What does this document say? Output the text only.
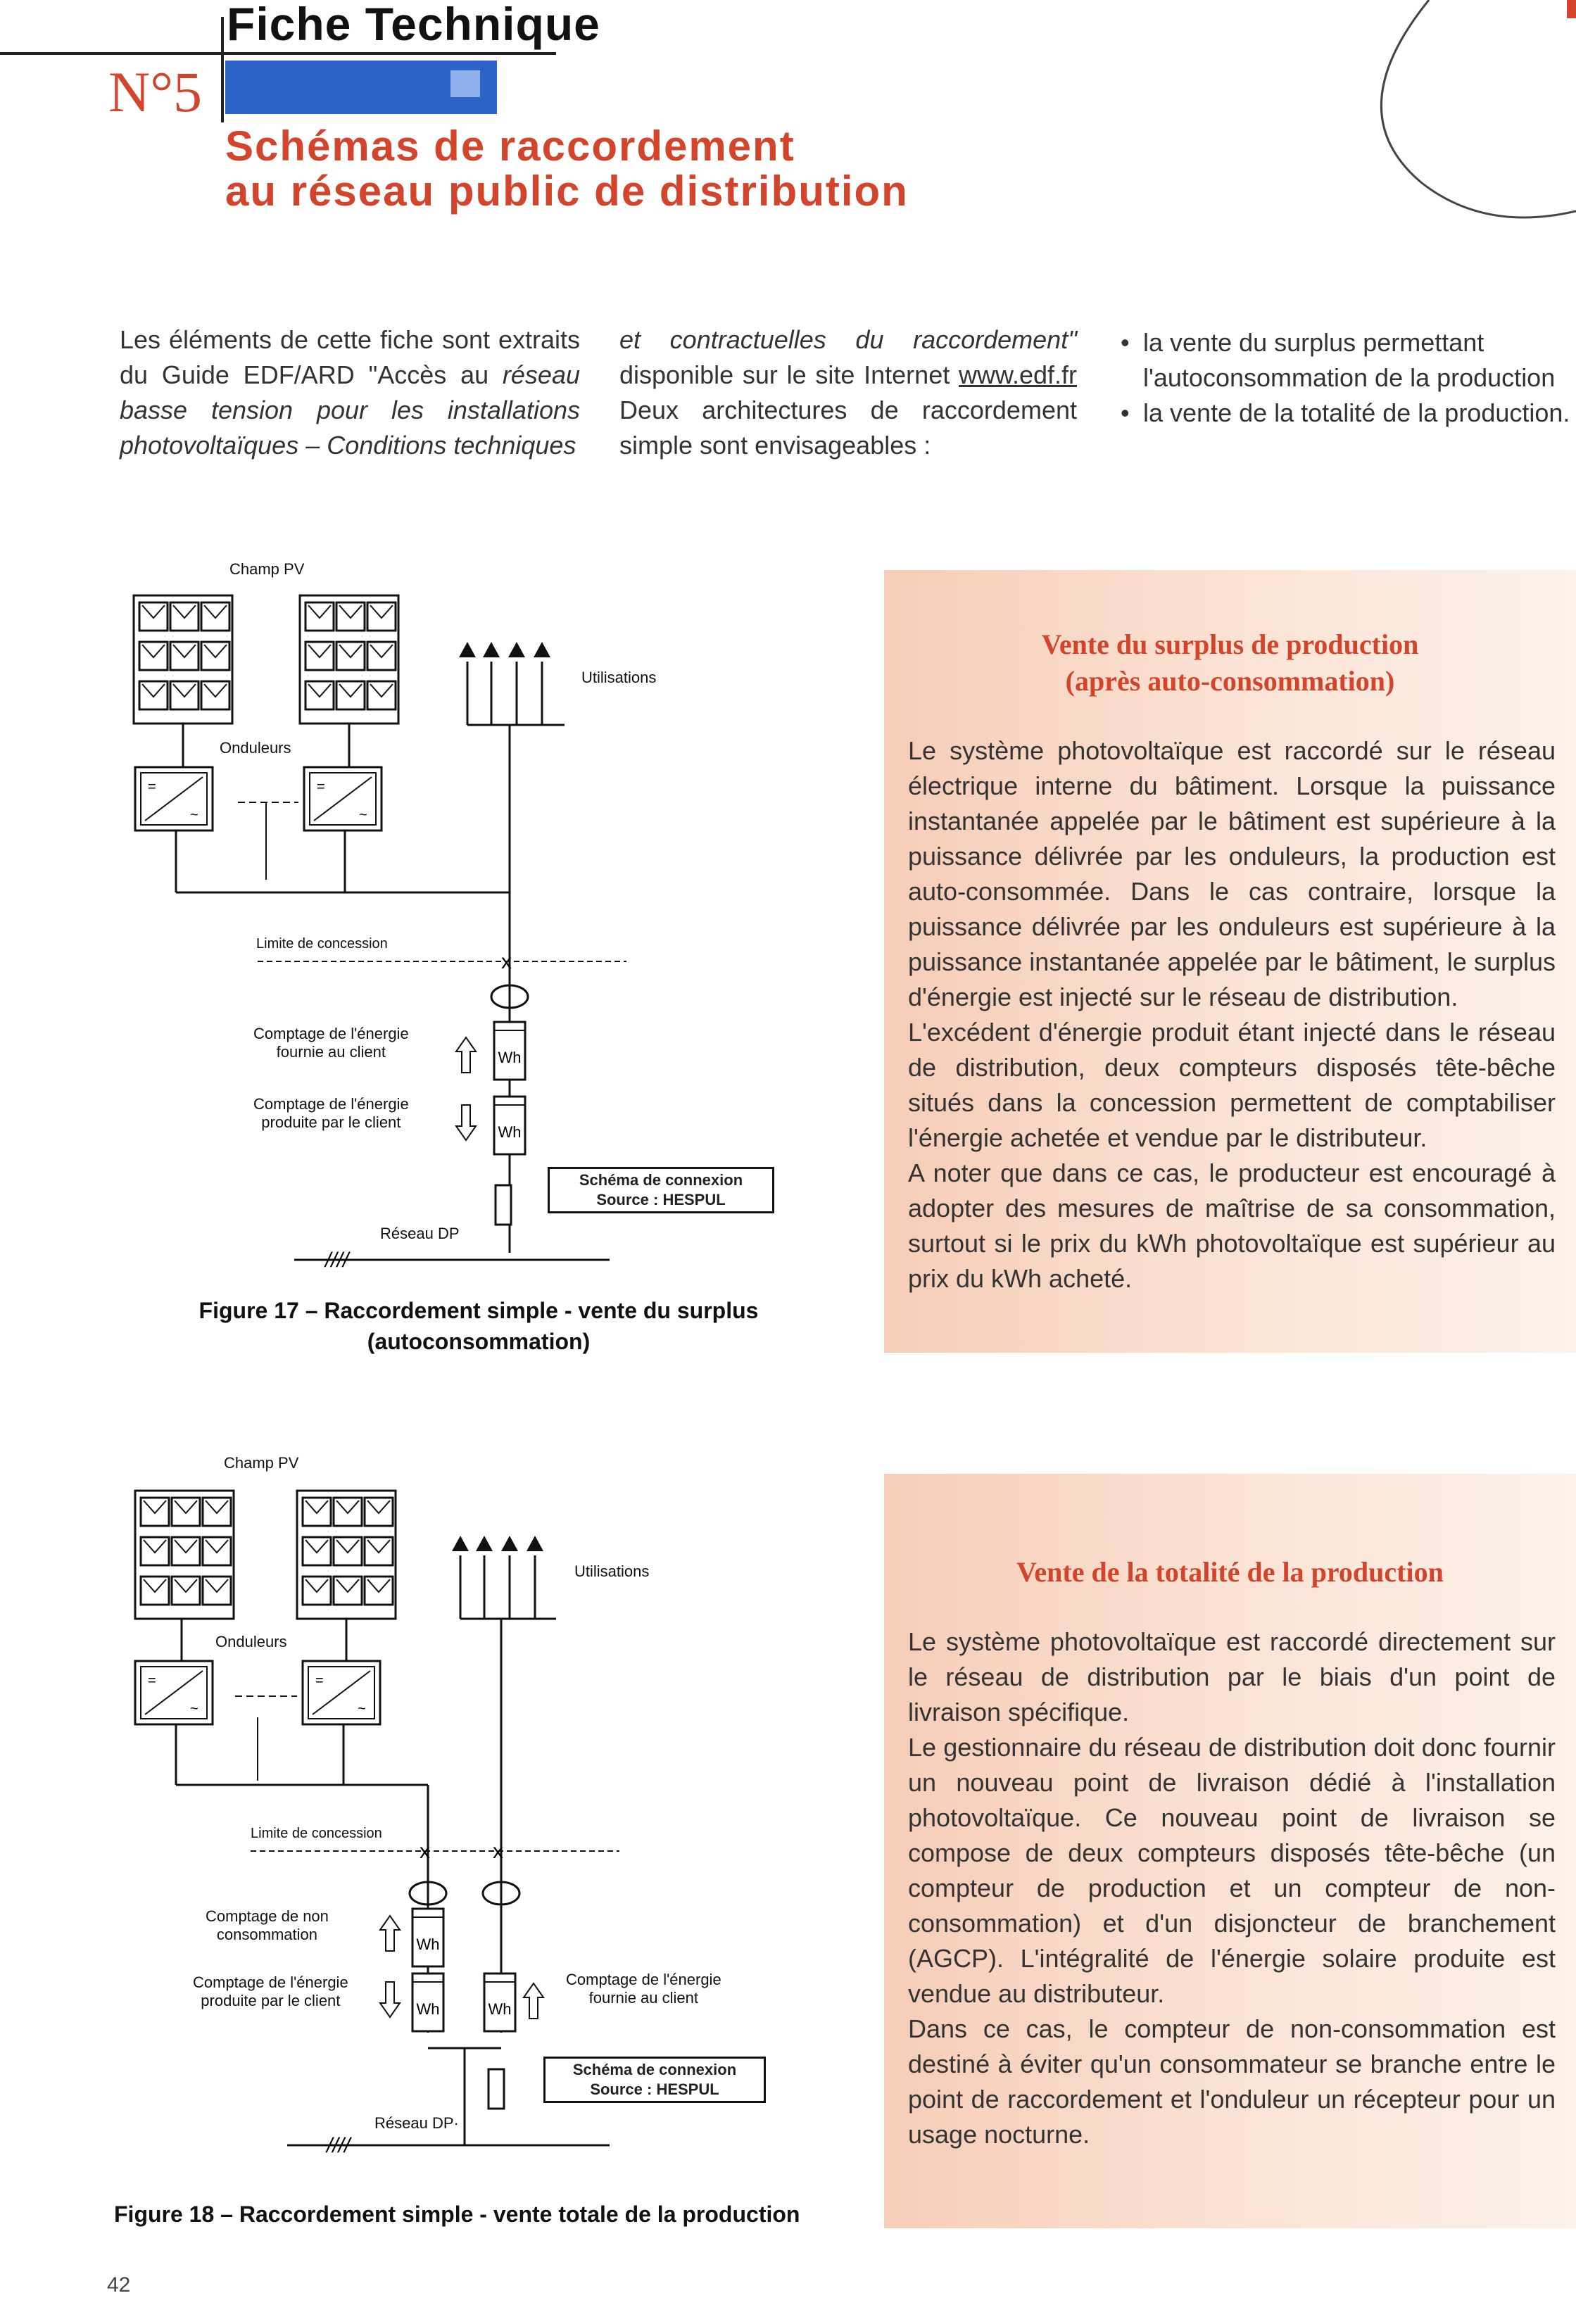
Fiche Technique
N°5
Schémas de raccordement
au réseau public de distribution
Les éléments de cette fiche sont extraits du Guide EDF/ARD "Accès au réseau basse tension pour les installations photovoltaïques – Conditions techniques
et contractuelles du raccordement" disponible sur le site Internet www.edf.fr Deux architectures de raccordement simple sont envisageables :
• la vente du surplus permettant l'autoconsommation de la production
• la vente de la totalité de la production.
Vente du surplus de production
(après auto-consommation)
Le système photovoltaïque est raccordé sur le réseau électrique interne du bâtiment. Lorsque la puissance instantanée appelée par le bâtiment est supérieure à la puissance délivrée par les onduleurs, la production est auto-consommée. Dans le cas contraire, lorsque la puissance délivrée par les onduleurs est supérieure à la puissance instantanée appelée par le bâtiment, le surplus d'énergie est injecté sur le réseau de distribution.
L'excédent d'énergie produit étant injecté dans le réseau de distribution, deux compteurs disposés tête-bêche situés dans la concession permettent de comptabiliser l'énergie achetée et vendue par le distributeur.
A noter que dans ce cas, le producteur est encouragé à adopter des mesures de maîtrise de sa consommation, surtout si le prix du kWh photovoltaïque est supérieur au prix du kWh acheté.
Vente de la totalité de la production
Le système photovoltaïque est raccordé directement sur le réseau de distribution par le biais d'un point de livraison spécifique.
Le gestionnaire du réseau de distribution doit donc fournir un nouveau point de livraison dédié à l'installation photovoltaïque. Ce nouveau point de livraison se compose de deux compteurs disposés tête-bêche (un compteur de production et un compteur de non-consommation) et d'un disjoncteur de branchement (AGCP). L'intégralité de l'énergie solaire produite est vendue au distributeur.
Dans ce cas, le compteur de non-consommation est destiné à éviter qu'un consommateur se branche entre le point de raccordement et l'onduleur un récepteur pour un usage nocturne.
=
~
Wh
x
////
x	x
////
Champ PV
Onduleurs
Utilisations
Limite de concession
Comptage de l'énergie
fournie au client
Comptage de l'énergie
produite par le client
Schéma de connexion
Source : HESPUL
Réseau DP
Figure 17 – Raccordement simple - vente du surplus
(autoconsommation)
Champ PV
Onduleurs
Utilisations
Limite de concession
Comptage de non
consommation
Comptage de l'énergie
produite par le client
Comptage de l'énergie
fournie au client
Schéma de connexion
Source : HESPUL
Réseau DP·
Figure 18 – Raccordement simple - vente totale de la production
42
